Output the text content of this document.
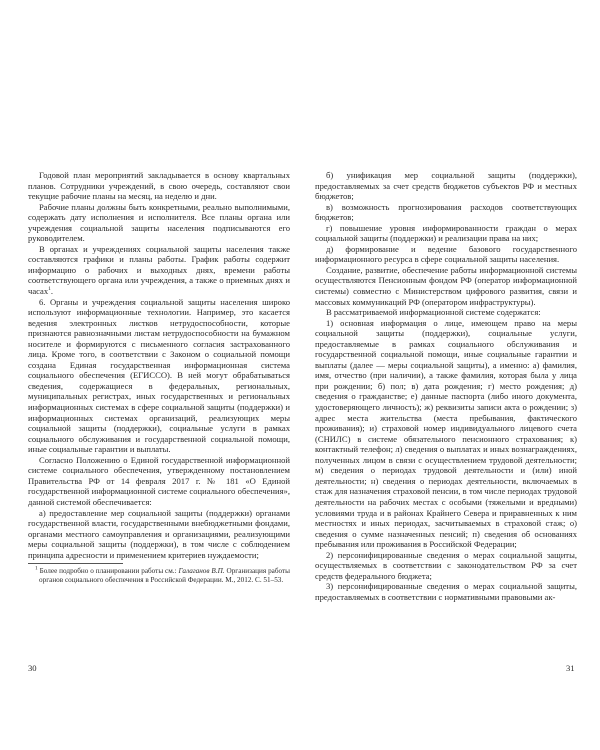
Годовой план мероприятий закладывается в основу квартальных планов. Сотрудники учреждений, в свою очередь, составляют свои текущие рабочие планы на месяц, на неделю и дни.

Рабочие планы должны быть конкретными, реально выполнимыми, содержать дату исполнения и исполнителя. Все планы органа или учреждения социальной защиты населения подписываются его руководителем.

В органах и учреждениях социальной защиты населения также составляются графики и планы работы. График работы содержит информацию о рабочих и выходных днях, времени работы соответствующего органа или учреждения, а также о приемных днях и часах$^1$.

6. Органы и учреждения социальной защиты населения широко используют информационные технологии. Например, это касается ведения электронных листков нетрудоспособности, которые признаются равнозначными листам нетрудоспособности на бумажном носителе и формируются с письменного согласия застрахованного лица. Кроме того, в соответствии с Законом о социальной помощи создана Единая государственная информационная система социального обеспечения (ЕГИССО). В ней могут обрабатываться сведения, содержащиеся в федеральных, региональных, муниципальных регистрах, иных государственных и региональных информационных системах в сфере социальной защиты (поддержки) и информационных системах организаций, реализующих меры социальной защиты (поддержки), социальные услуги в рамках социального обслуживания и государственной социальной помощи, иные социальные гарантии и выплаты.

Согласно Положению о Единой государственной информационной системе социального обеспечения, утвержденному постановлением Правительства РФ от 14 февраля 2017 г. № 181 «О Единой государственной информационной системе социального обеспечения», данной системой обеспечивается:

а) предоставление мер социальной защиты (поддержки) органами государственной власти, государственными внебюджетными фондами, органами местного самоуправления и организациями, реализующими меры социальной защиты (поддержки), в том числе с соблюдением принципа адресности и применением критериев нуждаемости;

$^1$ Более подробно о планировании работы см.: Галаганов В.П. Организация работы органов социального обеспечения в Российской Федерации. М., 2012. С. 51–53.
30

б) унификация мер социальной защиты (поддержки), предоставляемых за счет средств бюджетов субъектов РФ и местных бюджетов;

в) возможность прогнозирования расходов соответствующих бюджетов;

г) повышение уровня информированности граждан о мерах социальной защиты (поддержки) и реализации права на них;

д) формирование и ведение базового государственного информационного ресурса в сфере социальной защиты населения.

Создание, развитие, обеспечение работы информационной системы осуществляются Пенсионным фондом РФ (оператор информационной системы) совместно с Министерством цифрового развития, связи и массовых коммуникаций РФ (оператором инфраструктуры).

В рассматриваемой информационной системе содержатся:

1) основная информация о лице, имеющем право на меры социальной защиты (поддержки), социальные услуги, предоставляемые в рамках социального обслуживания и государственной социальной помощи, иные социальные гарантии и выплаты (далее — меры социальной защиты), а именно: а) фамилия, имя, отчество (при наличии), а также фамилия, которая была у лица при рождении; б) пол; в) дата рождения; г) место рождения; д) сведения о гражданстве; е) данные паспорта (либо иного документа, удостоверяющего личность); ж) реквизиты записи акта о рождении; з) адрес места жительства (места пребывания, фактического проживания); и) страховой номер индивидуального лицевого счета (СНИЛС) в системе обязательного пенсионного страхования; к) контактный телефон; л) сведения о выплатах и иных вознаграждениях, полученных лицом в связи с осуществлением трудовой деятельности; м) сведения о периодах трудовой деятельности и (или) иной деятельности; н) сведения о периодах деятельности, включаемых в стаж для назначения страховой пенсии, в том числе периодах трудовой деятельности на рабочих местах с особыми (тяжелыми и вредными) условиями труда и в районах Крайнего Севера и приравненных к ним местностях и иных периодах, засчитываемых в страховой стаж; о) сведения о сумме назначенных пенсий; п) сведения об основаниях пребывания или проживания в Российской Федерации;

2) персонифицированные сведения о мерах социальной защиты, осуществляемых в соответствии с законодательством РФ за счет средств федерального бюджета;

3) персонифицированные сведения о мерах социальной защиты, предоставляемых в соответствии с нормативными правовыми ак-

31
